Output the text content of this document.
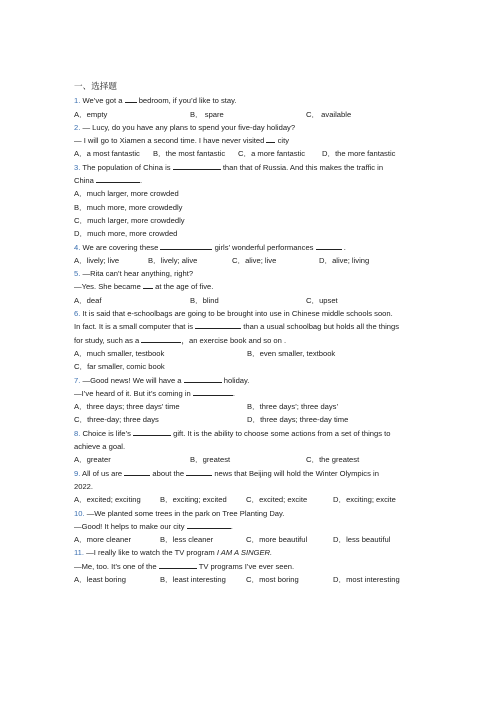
一、选择题
1. We’ve got a bedroom, if you’d like to stay.
A．empty	B． spare	C． available
2. — Lucy, do you have any plans to spend your five-day holiday?
— I will go to Xiamen a second time. I have never visited city
A．a most fantastic	B．the most fantastic	C．a more fantastic	D．the more fantastic
3. The population of China is	than that of Russia. And this makes the traffic in
China	.
A．much larger, more crowded
B．much more, more crowdedly
C．much larger, more crowdedly
D．much more, more crowded
4. We are covering these	girls’ wonderful performances	.
A．lively; live	B．lively; alive	C．alive; live	D．alive; living
5. —Rita can’t hear anything, right?
—Yes. She became at the age of five.
A．deaf	B．blind	C．upset
6. It is said that e-schoolbags are going to be brought into use in Chinese middle schools soon.
In fact. It is a small computer that is	than a usual schoolbag but holds all the things
for study, such as a	，an exercise book and so on .
A．much smaller, testbook	B．even smaller, textbook
C．far smaller, comic book
7. —Good news! We will have a	holiday.
—I’ve heard of it. But it’s coming in	.
A．three days; three days’ time	B．three days’; three days’
C．three-day; three days	D．three days; three-day time
8. Choice is life’s	gift. It is the ability to choose some actions from a set of things to
achieve a goal.
A．greater	B．greatest	C．the greatest
9. All of us are	about the	news that Beijing will hold the Winter Olympics in
2022.
A．excited; exciting	B．exciting; excited	C．excited; excite	D．exciting; excite
10. —We planted some trees in the park on Tree Planting Day.
—Good! It helps to make our city	.
A．more cleaner	B．less cleaner	C．more beautiful	D．less beautiful
11. —I really like to watch the TV program I AM A SINGER.
—Me, too. It’s one of the	TV programs I’ve ever seen.
A．least boring	B．least interesting	C．most boring	D．most interesting
